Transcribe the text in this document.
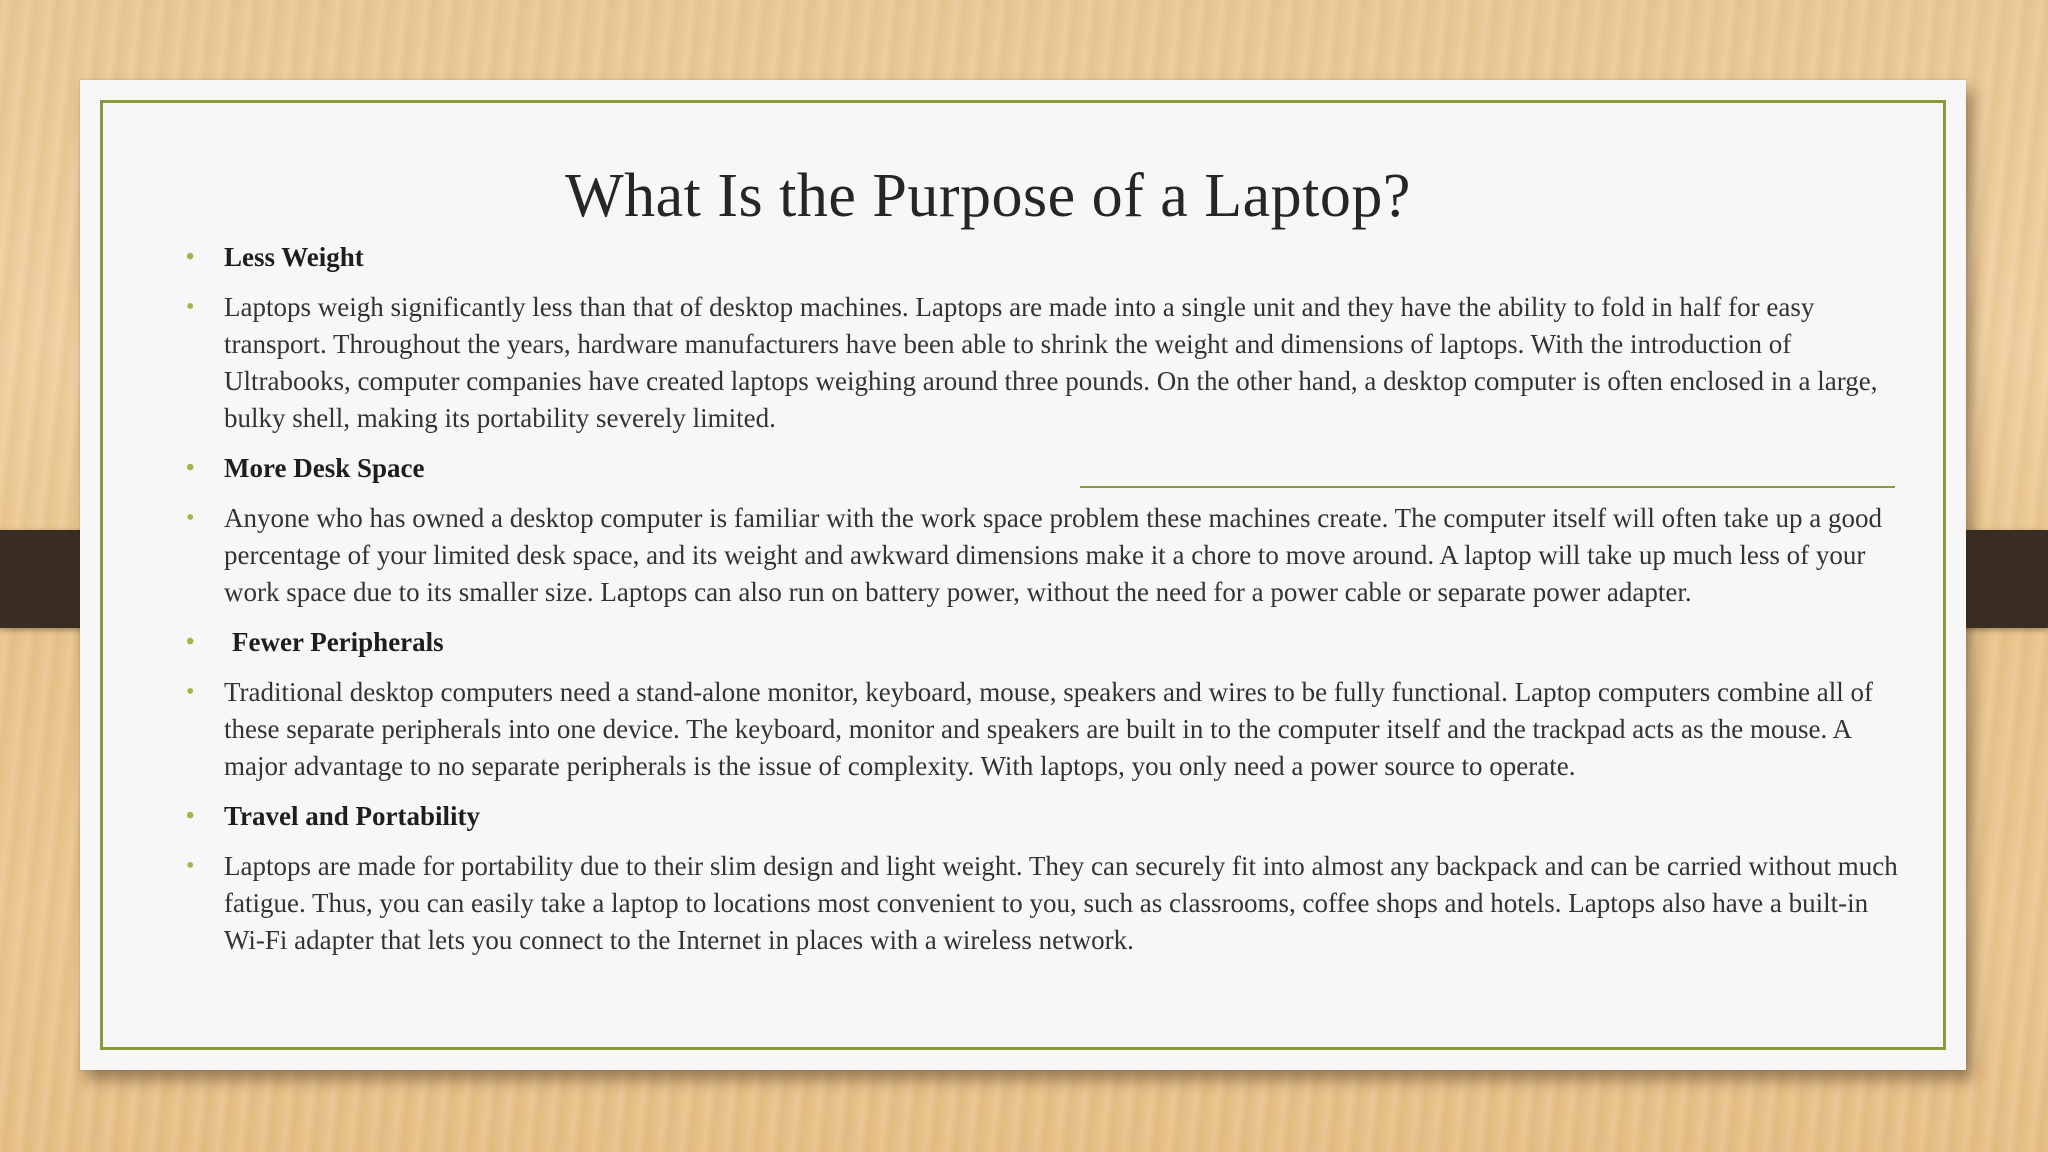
What Is the Purpose of a Laptop?
• Less Weight
• Laptops weigh significantly less than that of desktop machines. Laptops are made into a single unit and they have the ability to fold in half for easy transport. Throughout the years, hardware manufacturers have been able to shrink the weight and dimensions of laptops. With the introduction of Ultrabooks, computer companies have created laptops weighing around three pounds. On the other hand, a desktop computer is often enclosed in a large, bulky shell, making its portability severely limited.
• More Desk Space
• Anyone who has owned a desktop computer is familiar with the work space problem these machines create. The computer itself will often take up a good percentage of your limited desk space, and its weight and awkward dimensions make it a chore to move around. A laptop will take up much less of your work space due to its smaller size. Laptops can also run on battery power, without the need for a power cable or separate power adapter.
• Fewer Peripherals
• Traditional desktop computers need a stand-alone monitor, keyboard, mouse, speakers and wires to be fully functional. Laptop computers combine all of these separate peripherals into one device. The keyboard, monitor and speakers are built in to the computer itself and the trackpad acts as the mouse. A major advantage to no separate peripherals is the issue of complexity. With laptops, you only need a power source to operate.
• Travel and Portability
• Laptops are made for portability due to their slim design and light weight. They can securely fit into almost any backpack and can be carried without much fatigue. Thus, you can easily take a laptop to locations most convenient to you, such as classrooms, coffee shops and hotels. Laptops also have a built-in Wi-Fi adapter that lets you connect to the Internet in places with a wireless network.
